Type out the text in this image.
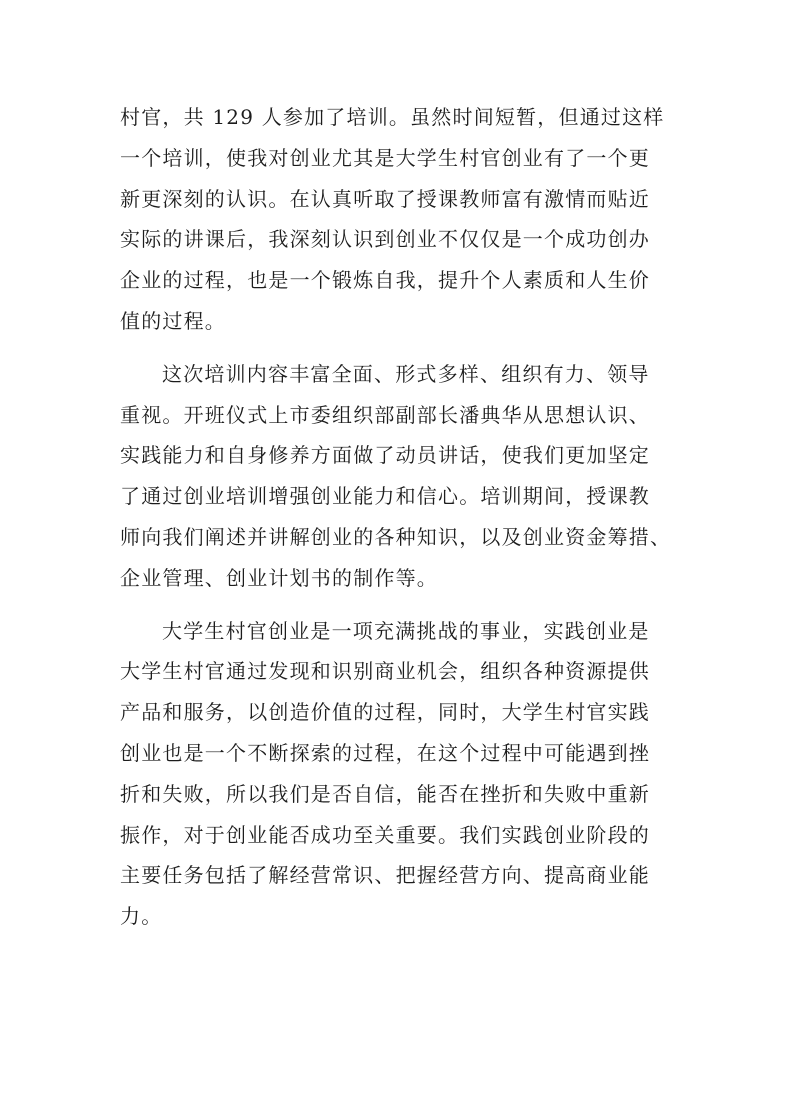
村官，共 129 人参加了培训。虽然时间短暂，但通过这样
一个培训，使我对创业尤其是大学生村官创业有了一个更
新更深刻的认识。在认真听取了授课教师富有激情而贴近
实际的讲课后，我深刻认识到创业不仅仅是一个成功创办
企业的过程，也是一个锻炼自我，提升个人素质和人生价
值的过程。

这次培训内容丰富全面、形式多样、组织有力、领导
重视。开班仪式上市委组织部副部长潘典华从思想认识、
实践能力和自身修养方面做了动员讲话，使我们更加坚定
了通过创业培训增强创业能力和信心。培训期间，授课教
师向我们阐述并讲解创业的各种知识，以及创业资金筹措、
企业管理、创业计划书的制作等。

大学生村官创业是一项充满挑战的事业，实践创业是
大学生村官通过发现和识别商业机会，组织各种资源提供
产品和服务，以创造价值的过程，同时，大学生村官实践
创业也是一个不断探索的过程，在这个过程中可能遇到挫
折和失败，所以我们是否自信，能否在挫折和失败中重新
振作，对于创业能否成功至关重要。我们实践创业阶段的
主要任务包括了解经营常识、把握经营方向、提高商业能
力。
